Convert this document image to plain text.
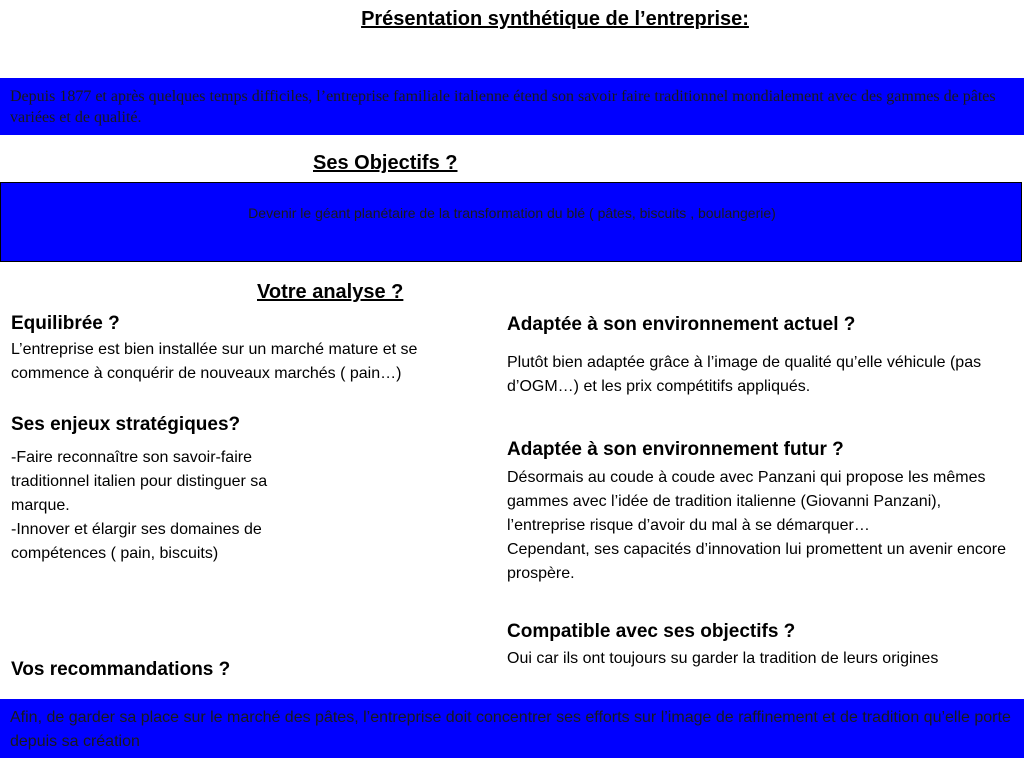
Présentation synthétique de l’entreprise:
Depuis 1877 et après quelques temps difficiles, l’entreprise familiale italienne étend son savoir faire traditionnel mondialement avec des gammes de pâtes variées et de qualité.
Ses Objectifs ?
Devenir le géant planétaire de la transformation du blé ( pâtes, biscuits , boulangerie)
Votre analyse ?
Equilibrée ?
L’entreprise est bien installée sur un marché mature et se commence à conquérir de nouveaux marchés ( pain…)
Ses enjeux stratégiques?
-Faire reconnaître son savoir-faire traditionnel italien pour distinguer sa marque.
-Innover et élargir ses domaines de compétences ( pain, biscuits)
Vos recommandations ?
Adaptée à son environnement actuel ?
Plutôt bien adaptée grâce à l’image de qualité qu’elle véhicule (pas d’OGM…) et les prix compétitifs appliqués.
Adaptée à son environnement futur ?
Désormais au coude à coude avec Panzani qui propose les mêmes gammes avec l’idée de tradition italienne (Giovanni Panzani), l’entreprise risque d’avoir du mal à se démarquer…
Cependant, ses capacités d’innovation lui promettent un avenir encore prospère.
Compatible avec ses objectifs ?
Oui car ils ont toujours su garder la tradition de leurs origines
Afin, de garder sa place sur le marché des pâtes, l’entreprise doit concentrer ses efforts sur l’image de raffinement et de tradition qu’elle porte depuis sa création
